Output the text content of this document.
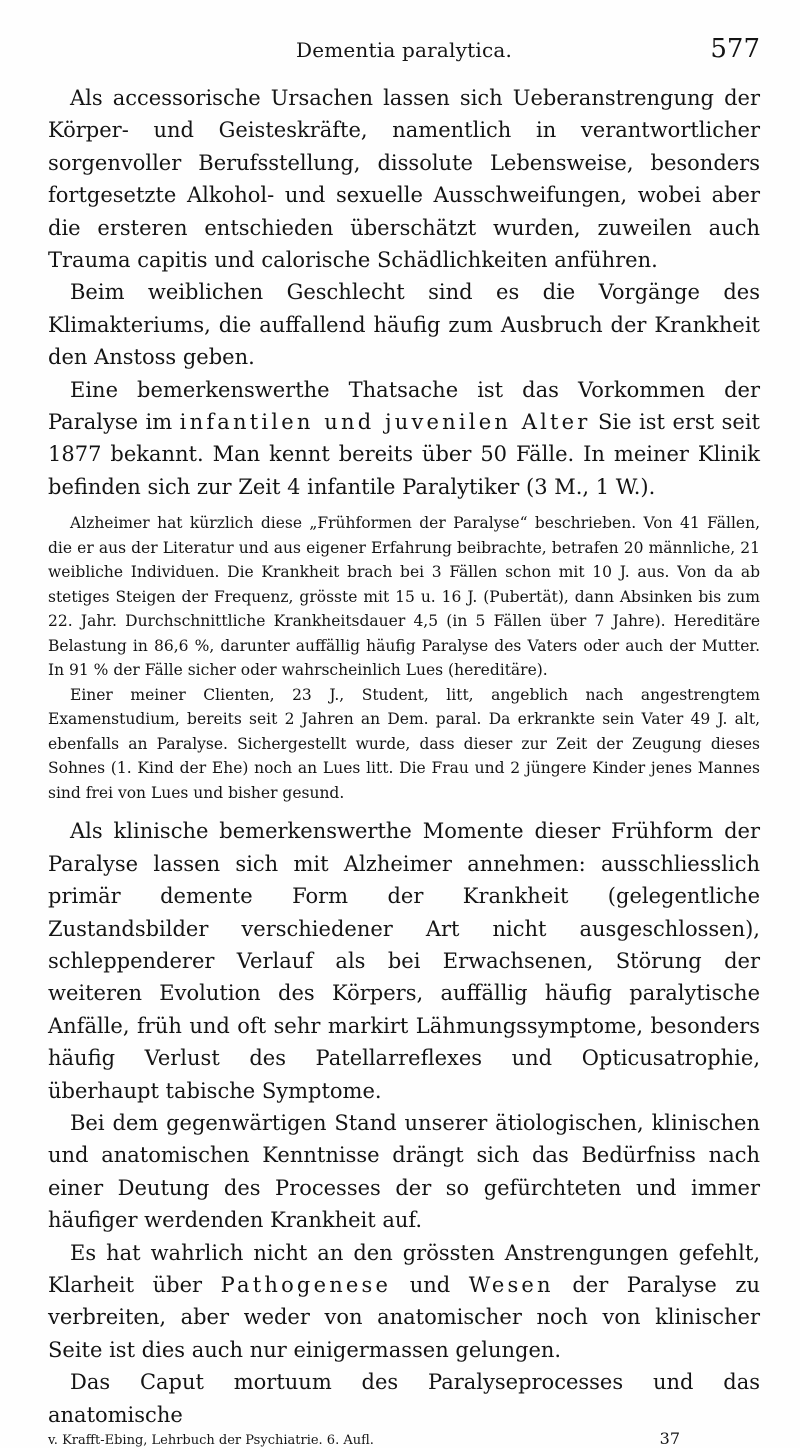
Dementia paralytica.	577

Als accessorische Ursachen lassen sich Ueberanstrengung der Körper- und Geisteskräfte, namentlich in verantwortlicher sorgenvoller Berufsstellung, dissolute Lebensweise, besonders fortgesetzte Alkohol- und sexuelle Ausschweifungen, wobei aber die ersteren entschieden überschätzt wurden, zuweilen auch Trauma capitis und calorische Schädlichkeiten anführen.

Beim weiblichen Geschlecht sind es die Vorgänge des Klimakteriums, die auffallend häufig zum Ausbruch der Krankheit den Anstoss geben.

Eine bemerkenswerthe Thatsache ist das Vorkommen der Paralyse im infantilen und juvenilen Alter Sie ist erst seit 1877 bekannt. Man kennt bereits über 50 Fälle. In meiner Klinik befinden sich zur Zeit 4 infantile Paralytiker (3 M., 1 W.).

Alzheimer hat kürzlich diese „Frühformen der Paralyse“ beschrieben. Von 41 Fällen, die er aus der Literatur und aus eigener Erfahrung beibrachte, betrafen 20 männliche, 21 weibliche Individuen. Die Krankheit brach bei 3 Fällen schon mit 10 J. aus. Von da ab stetiges Steigen der Frequenz, grösste mit 15 u. 16 J. (Pubertät), dann Absinken bis zum 22. Jahr. Durchschnittliche Krankheitsdauer 4,5 (in 5 Fällen über 7 Jahre). Hereditäre Belastung in 86,6 %, darunter auffällig häufig Paralyse des Vaters oder auch der Mutter. In 91 % der Fälle sicher oder wahrscheinlich Lues (hereditäre).

Einer meiner Clienten, 23 J., Student, litt, angeblich nach angestrengtem Examenstudium, bereits seit 2 Jahren an Dem. paral. Da erkrankte sein Vater 49 J. alt, ebenfalls an Paralyse. Sichergestellt wurde, dass dieser zur Zeit der Zeugung dieses Sohnes (1. Kind der Ehe) noch an Lues litt. Die Frau und 2 jüngere Kinder jenes Mannes sind frei von Lues und bisher gesund.

Als klinische bemerkenswerthe Momente dieser Frühform der Paralyse lassen sich mit Alzheimer annehmen: ausschliesslich primär demente Form der Krankheit (gelegentliche Zustandsbilder verschiedener Art nicht ausgeschlossen), schleppenderer Verlauf als bei Erwachsenen, Störung der weiteren Evolution des Körpers, auffällig häufig paralytische Anfälle, früh und oft sehr markirt Lähmungssymptome, besonders häufig Verlust des Patellarreflexes und Opticusatrophie, überhaupt tabische Symptome.

Bei dem gegenwärtigen Stand unserer ätiologischen, klinischen und anatomischen Kenntnisse drängt sich das Bedürfniss nach einer Deutung des Processes der so gefürchteten und immer häufiger werdenden Krankheit auf.

Es hat wahrlich nicht an den grössten Anstrengungen gefehlt, Klarheit über Pathogenese und Wesen der Paralyse zu verbreiten, aber weder von anatomischer noch von klinischer Seite ist dies auch nur einigermassen gelungen.

Das Caput mortuum des Paralyseprocesses und das anatomische

v. Krafft-Ebing, Lehrbuch der Psychiatrie. 6. Aufl.	37
